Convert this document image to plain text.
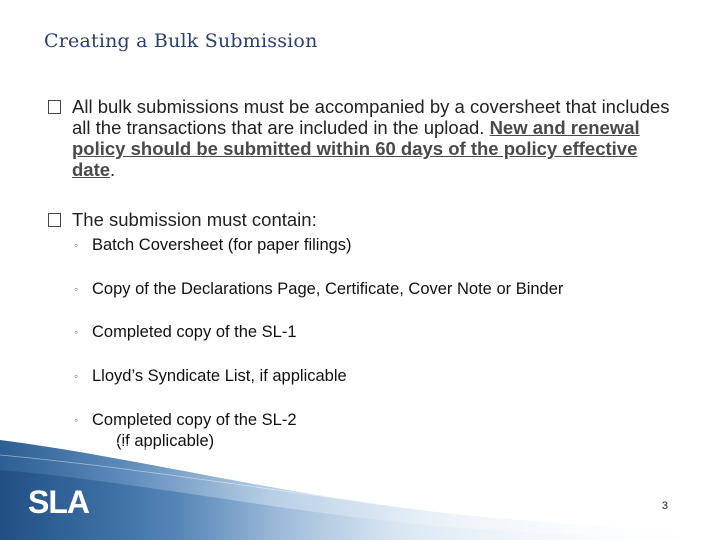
Creating a Bulk Submission
All bulk submissions must be accompanied by a coversheet that includes all the transactions that are included in the upload. New and renewal policy should be submitted within 60 days of the policy effective date.
The submission must contain:
◦ Batch Coversheet (for paper filings)
◦ Copy of the Declarations Page, Certificate, Cover Note or Binder
◦ Completed copy of the SL-1
◦ Lloyd’s Syndicate List, if applicable
◦ Completed copy of the SL-2
(if applicable)
SLA	3
